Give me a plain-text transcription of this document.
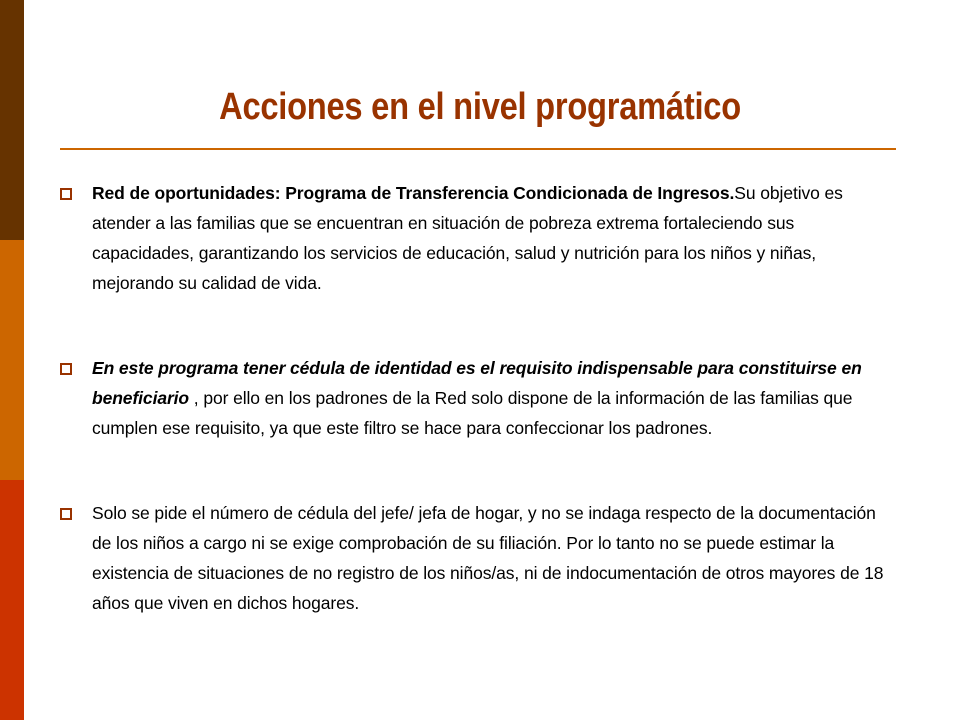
Acciones en el nivel programático
Red de oportunidades: Programa de Transferencia Condicionada de Ingresos.Su objetivo es atender a las familias que se encuentran en situación de pobreza extrema fortaleciendo sus capacidades, garantizando los servicios de educación, salud y nutrición para los niños y niñas, mejorando su calidad de vida.
En este programa tener cédula de identidad es el requisito indispensable para constituirse en beneficiario , por ello en los padrones de la Red solo dispone de la información de las familias que cumplen ese requisito, ya que este filtro se hace para confeccionar los padrones.
Solo se pide el número de cédula del jefe/ jefa de hogar, y no se indaga respecto de la documentación de los niños a cargo ni se exige comprobación de su filiación. Por lo tanto no se puede estimar la existencia de situaciones de no registro de los niños/as, ni de indocumentación de otros mayores de 18 años que viven en dichos hogares.
